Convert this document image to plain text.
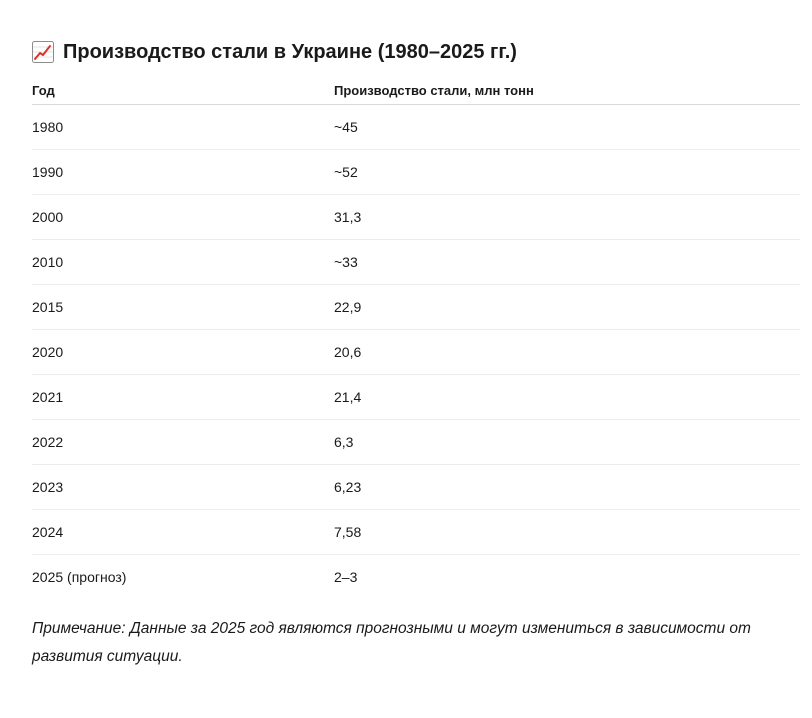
Производство стали в Украине (1980–2025 гг.)
Год	Производство стали, млн тонн
1980	~45
1990	~52
2000	31,3
2010	~33
2015	22,9
2020	20,6
2021	21,4
2022	6,3
2023	6,23
2024	7,58
2025 (прогноз)	2–3
Примечание: Данные за 2025 год являются прогнозными и могут измениться в зависимости от развития ситуации.
